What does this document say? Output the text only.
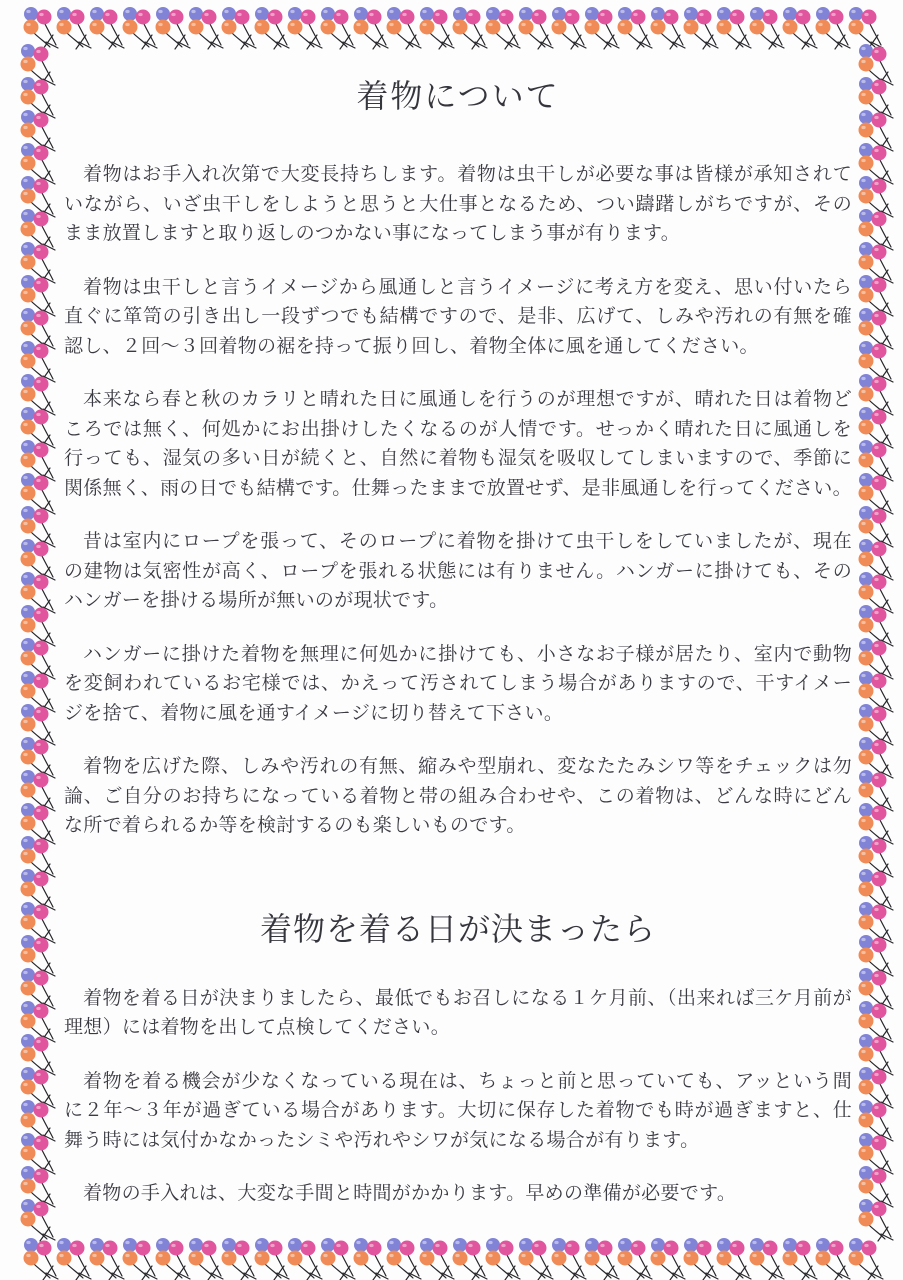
着物について

着物はお手入れ次第で大変長持ちします。着物は虫干しが必要な事は皆様が承知されていながら、いざ虫干しをしようと思うと大仕事となるため、つい躊躇しがちですが、そのまま放置しますと取り返しのつかない事になってしまう事が有ります。

着物は虫干しと言うイメージから風通しと言うイメージに考え方を変え、思い付いたら直ぐに箪笥の引き出し一段ずつでも結構ですので、是非、広げて、しみや汚れの有無を確認し、２回～３回着物の裾を持って振り回し、着物全体に風を通してください。

本来なら春と秋のカラリと晴れた日に風通しを行うのが理想ですが、晴れた日は着物どころでは無く、何処かにお出掛けしたくなるのが人情です。せっかく晴れた日に風通しを行っても、湿気の多い日が続くと、自然に着物も湿気を吸収してしまいますので、季節に関係無く、雨の日でも結構です。仕舞ったままで放置せず、是非風通しを行ってください。

昔は室内にロープを張って、そのロープに着物を掛けて虫干しをしていましたが、現在の建物は気密性が高く、ロープを張れる状態には有りません。ハンガーに掛けても、そのハンガーを掛ける場所が無いのが現状です。

ハンガーに掛けた着物を無理に何処かに掛けても、小さなお子様が居たり、室内で動物を変飼われているお宅様では、かえって汚されてしまう場合がありますので、干すイメージを捨て、着物に風を通すイメージに切り替えて下さい。

着物を広げた際、しみや汚れの有無、縮みや型崩れ、変なたたみシワ等をチェックは勿論、ご自分のお持ちになっている着物と帯の組み合わせや、この着物は、どんな時にどんな所で着られるか等を検討するのも楽しいものです。

着物を着る日が決まったら

着物を着る日が決まりましたら、最低でもお召しになる１ケ月前、（出来れば三ケ月前が理想）には着物を出して点検してください。

着物を着る機会が少なくなっている現在は、ちょっと前と思っていても、アッという間に２年～３年が過ぎている場合があります。大切に保存した着物でも時が過ぎますと、仕舞う時には気付かなかったシミや汚れやシワが気になる場合が有ります。

着物の手入れは、大変な手間と時間がかかります。早めの準備が必要です。
